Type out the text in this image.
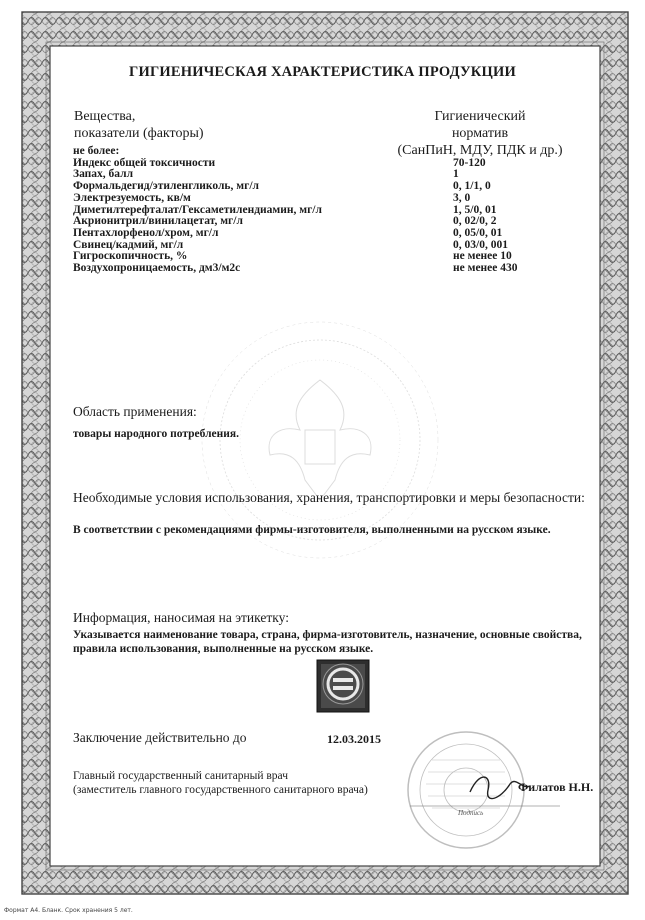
ГИГИЕНИЧЕСКАЯ ХАРАКТЕРИСТИКА ПРОДУКЦИИ
Вещества,
показатели (факторы)
Гигиенический
норматив
(СанПиН, МДУ, ПДК и др.)
не более:
Индекс общей токсичности	70-120
Запах, балл	1
Формальдегид/этиленгликоль, мг/л	0, 1/1, 0
Электрезуемость, кв/м	3, 0
Диметилтерефталат/Гексаметилендиамин, мг/л	1, 5/0, 01
Акрионитрил/винилацетат, мг/л	0, 02/0, 2
Пентахлорфенол/хром, мг/л	0, 05/0, 01
Свинец/кадмий, мг/л	0, 03/0, 001
Гигроскопичность, %	не менее 10
Воздухопроницаемость, дм3/м2с	не менее 430
Область применения:
товары народного потребления.
Необходимые условия использования, хранения, транспортировки и меры безопасности:
В соответствии с рекомендациями фирмы-изготовителя, выполненными на русском языке.
Информация, наносимая на этикетку:
Указывается наименование товара, страна, фирма-изготовитель, назначение, основные свойства, правила использования, выполненные на русском языке.
Заключение действительно до	12.03.2015
Главный государственный санитарный врач
(заместитель главного государственного санитарного врача)	Филатов Н.Н.
Подпись
Формат А4. Бланк. Срок хранения 5 лет.
